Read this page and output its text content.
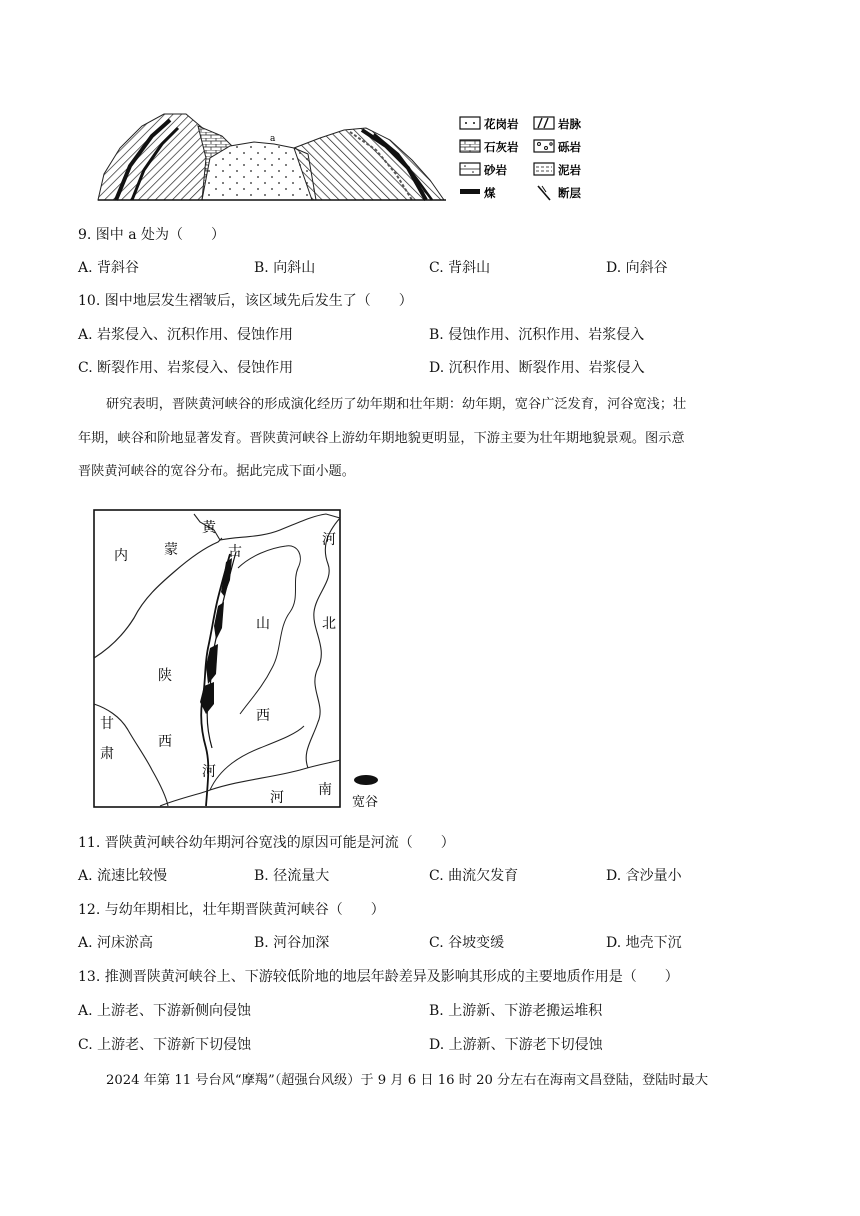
a
花岗岩	岩脉
石灰岩	砾岩
砂岩	泥岩
煤	断层
9. 图中 a 处为（　　）
A. 背斜谷	B. 向斜山	C. 背斜山	D. 向斜谷
10. 图中地层发生褶皱后，该区域先后发生了（　　）
A. 岩浆侵入、沉积作用、侵蚀作用	B. 侵蚀作用、沉积作用、岩浆侵入
C. 断裂作用、岩浆侵入、侵蚀作用	D. 沉积作用、断裂作用、岩浆侵入
研究表明，晋陕黄河峡谷的形成演化经历了幼年期和壮年期：幼年期，宽谷广泛发育，河谷宽浅；壮
年期，峡谷和阶地显著发育。晋陕黄河峡谷上游幼年期地貌更明显，下游主要为壮年期地貌景观。图示意
晋陕黄河峡谷的宽谷分布。据此完成下面小题。
内	蒙
黄
古
河
北
山
西
陕
西
甘
肃
河
河 南
宽谷
11. 晋陕黄河峡谷幼年期河谷宽浅的原因可能是河流（　　）
A. 流速比较慢	B. 径流量大	C. 曲流欠发育	D. 含沙量小
12. 与幼年期相比，壮年期晋陕黄河峡谷（　　）
A. 河床淤高	B. 河谷加深	C. 谷坡变缓	D. 地壳下沉
13. 推测晋陕黄河峡谷上、下游较低阶地的地层年龄差异及影响其形成的主要地质作用是（　　）
A. 上游老、下游新侧向侵蚀	B. 上游新、下游老搬运堆积
C. 上游老、下游新下切侵蚀	D. 上游新、下游老下切侵蚀
2024 年第 11 号台风“摩羯”（超强台风级）于 9 月 6 日 16 时 20 分左右在海南文昌登陆，登陆时最大
